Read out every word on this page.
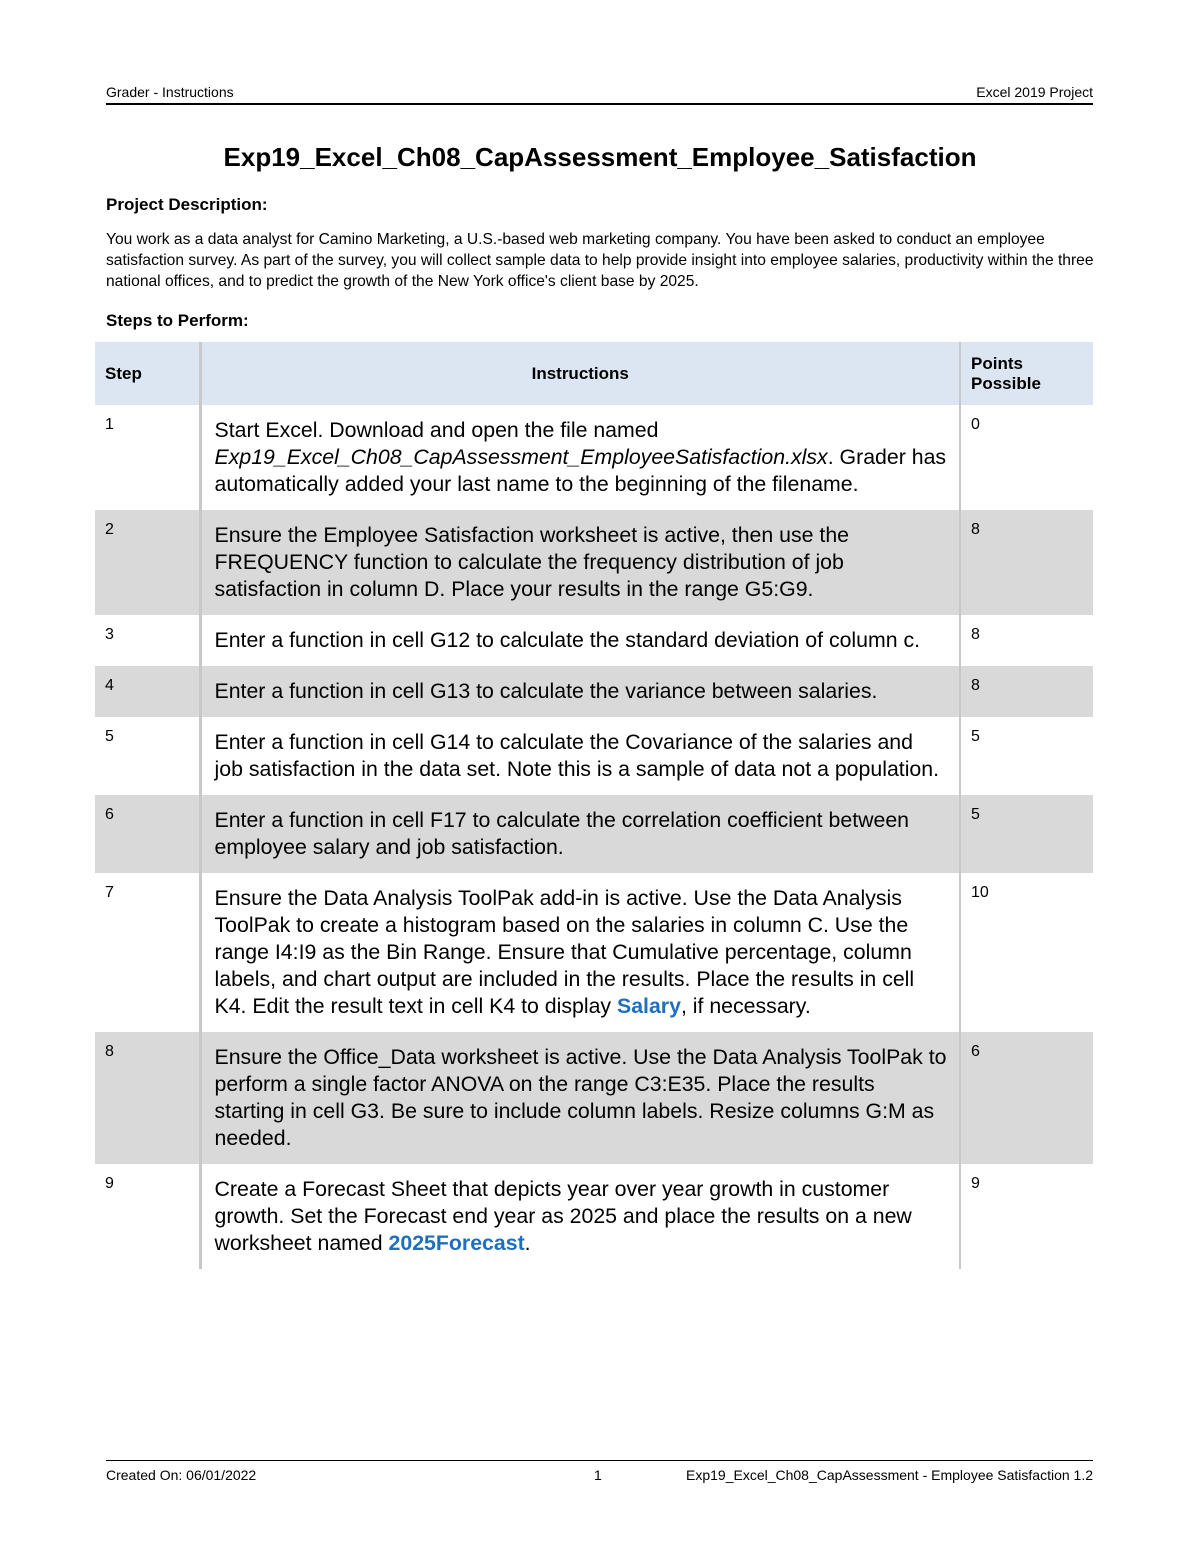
Grader - Instructions	Excel 2019 Project
Exp19_Excel_Ch08_CapAssessment_Employee_Satisfaction
Project Description:

You work as a data analyst for Camino Marketing, a U.S.-based web marketing company. You have been asked to conduct an employee satisfaction survey. As part of the survey, you will collect sample data to help provide insight into employee salaries, productivity within the three national offices, and to predict the growth of the New York office's client base by 2025.

Steps to Perform:
Step	Instructions	Points Possible
1	Start Excel. Download and open the file named Exp19_Excel_Ch08_CapAssessment_EmployeeSatisfaction.xlsx. Grader has automatically added your last name to the beginning of the filename.	0
2	Ensure the Employee Satisfaction worksheet is active, then use the FREQUENCY function to calculate the frequency distribution of job satisfaction in column D. Place your results in the range G5:G9.	8
3	Enter a function in cell G12 to calculate the standard deviation of column c.	8
4	Enter a function in cell G13 to calculate the variance between salaries.	8
5	Enter a function in cell G14 to calculate the Covariance of the salaries and job satisfaction in the data set. Note this is a sample of data not a population.	5
6	Enter a function in cell F17 to calculate the correlation coefficient between employee salary and job satisfaction.	5
7	Ensure the Data Analysis ToolPak add-in is active. Use the Data Analysis ToolPak to create a histogram based on the salaries in column C. Use the range I4:I9 as the Bin Range. Ensure that Cumulative percentage, column labels, and chart output are included in the results. Place the results in cell K4. Edit the result text in cell K4 to display Salary, if necessary.	10
8	Ensure the Office_Data worksheet is active. Use the Data Analysis ToolPak to perform a single factor ANOVA on the range C3:E35. Place the results starting in cell G3. Be sure to include column labels. Resize columns G:M as needed.	6
9	Create a Forecast Sheet that depicts year over year growth in customer growth. Set the Forecast end year as 2025 and place the results on a new worksheet named 2025Forecast.	9
Created On: 06/01/2022	1	Exp19_Excel_Ch08_CapAssessment - Employee Satisfaction 1.2
